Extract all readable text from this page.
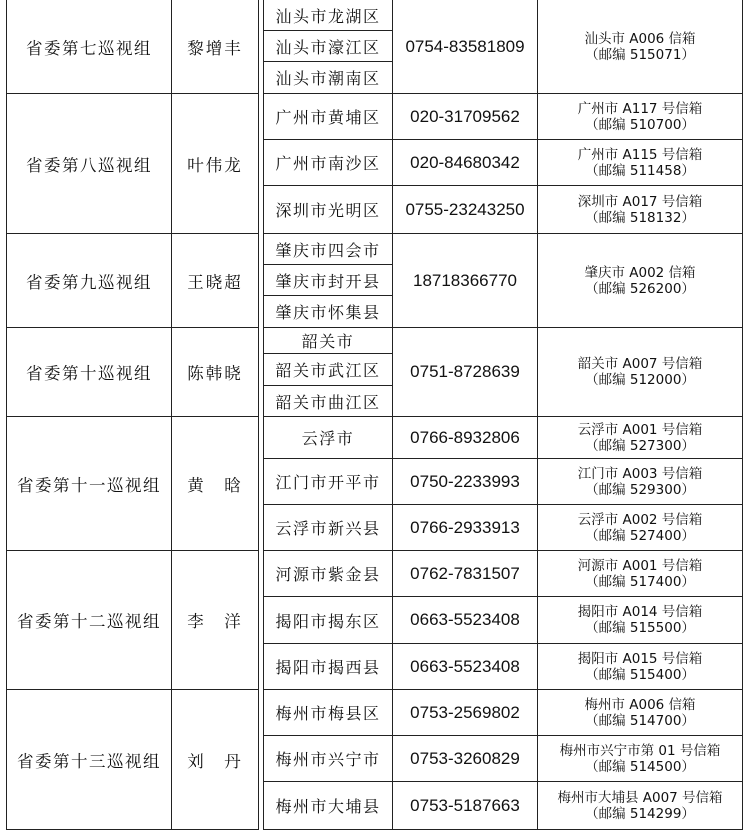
省委第七巡视组	黎增丰		汕头市龙湖区	0754-83581809	汕头市 A006 信箱
（邮编 515071）

			汕头市濠江区		
			汕头市潮南区		
省委第八巡视组	叶伟龙		广州市黄埔区	020-31709562	广州市 A117 号信箱
（邮编 510700）

			广州市南沙区	020-84680342	广州市 A115 号信箱
（邮编 511458）

			深圳市光明区	0755-23243250	深圳市 A017 号信箱
（邮编 518132）

省委第九巡视组	王晓超		肇庆市四会市	18718366770	肇庆市 A002 信箱
（邮编 526200）

			肇庆市封开县		
			肇庆市怀集县		
省委第十巡视组	陈韩晓		韶关市	0751-8728639	韶关市 A007 号信箱
（邮编 512000）

			韶关市武江区		
			韶关市曲江区		
省委第十一巡视组	黄　晗		云浮市	0766-8932806	云浮市 A001 号信箱
（邮编 527300）

			江门市开平市	0750-2233993	江门市 A003 号信箱
（邮编 529300）

			云浮市新兴县	0766-2933913	云浮市 A002 号信箱
（邮编 527400）

省委第十二巡视组	李　洋		河源市紫金县	0762-7831507	河源市 A001 号信箱
（邮编 517400）

			揭阳市揭东区	0663-5523408	揭阳市 A014 号信箱
（邮编 515500）

			揭阳市揭西县	0663-5523408	揭阳市 A015 号信箱
（邮编 515400）

省委第十三巡视组	刘　丹		梅州市梅县区	0753-2569802	梅州市 A006 信箱
（邮编 514700）

			梅州市兴宁市	0753-3260829	梅州市兴宁市第 01 号信箱
（邮编 514500）

			梅州市大埔县	0753-5187663	梅州市大埔县 A007 号信箱
（邮编 514299）
